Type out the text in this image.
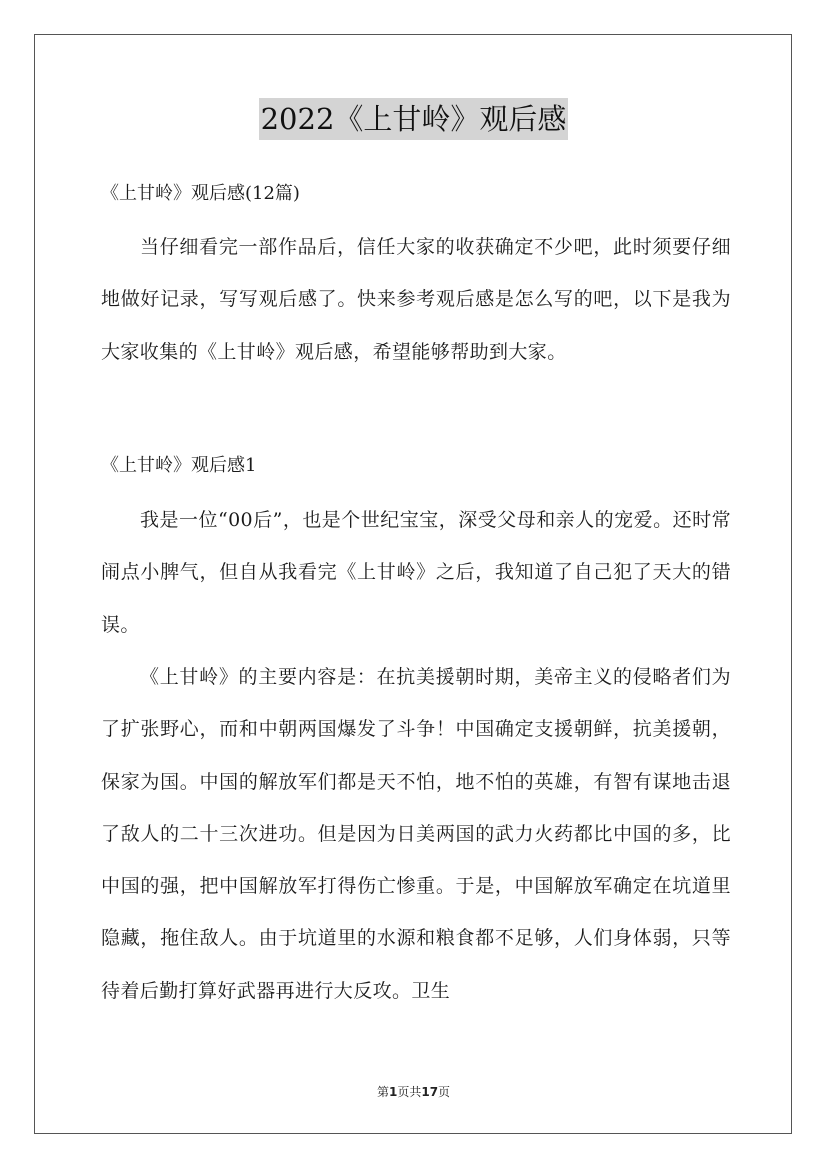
2022《上甘岭》观后感

《上甘岭》观后感(12篇)

当仔细看完一部作品后，信任大家的收获确定不少吧，此时须要仔细地做好记录，写写观后感了。快来参考观后感是怎么写的吧，以下是我为大家收集的《上甘岭》观后感，希望能够帮助到大家。

《上甘岭》观后感1

我是一位“00后”，也是个世纪宝宝，深受父母和亲人的宠爱。还时常闹点小脾气，但自从我看完《上甘岭》之后，我知道了自己犯了天大的错误。

《上甘岭》的主要内容是：在抗美援朝时期，美帝主义的侵略者们为了扩张野心，而和中朝两国爆发了斗争！中国确定支援朝鲜，抗美援朝，保家为国。中国的解放军们都是天不怕，地不怕的英雄，有智有谋地击退了敌人的二十三次进功。但是因为日美两国的武力火药都比中国的多，比中国的强，把中国解放军打得伤亡惨重。于是，中国解放军确定在坑道里隐藏，拖住敌人。由于坑道里的水源和粮食都不足够，人们身体弱，只等待着后勤打算好武器再进行大反攻。卫生

第1页共17页
